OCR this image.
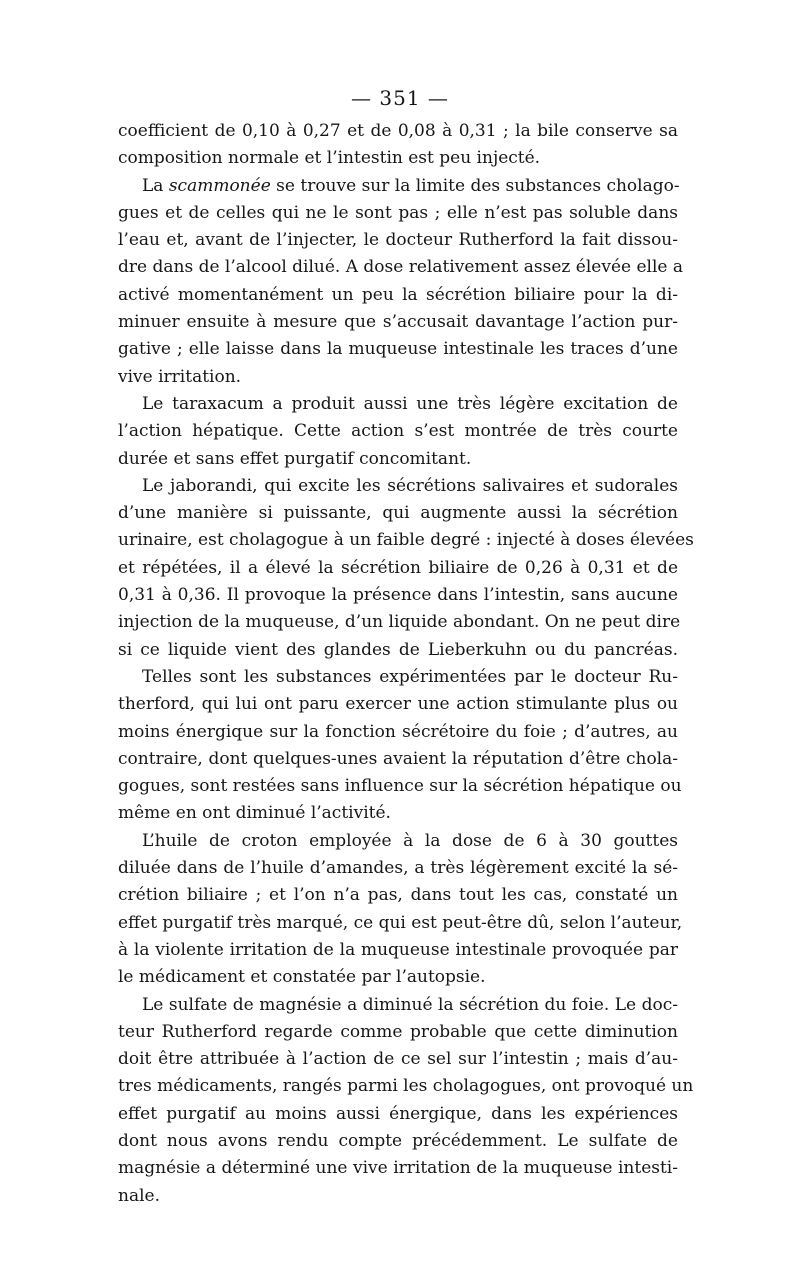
— 351 —
coefficient de 0,10 à 0,27 et de 0,08 à 0,31 ; la bile conserve sa
composition normale et l’intestin est peu injecté.
La scammonée se trouve sur la limite des substances cholago-
gues et de celles qui ne le sont pas ; elle n’est pas soluble dans
l’eau et, avant de l’injecter, le docteur Rutherford la fait dissou-
dre dans de l’alcool dilué. A dose relativement assez élevée elle a
activé momentanément un peu la sécrétion biliaire pour la di-
minuer ensuite à mesure que s’accusait davantage l’action pur-
gative ; elle laisse dans la muqueuse intestinale les traces d’une
vive irritation.
Le taraxacum a produit aussi une très légère excitation de
l’action hépatique. Cette action s’est montrée de très courte
durée et sans effet purgatif concomitant.
Le jaborandi, qui excite les sécrétions salivaires et sudorales
d’une manière si puissante, qui augmente aussi la sécrétion
urinaire, est cholagogue à un faible degré : injecté à doses élevées
et répétées, il a élevé la sécrétion biliaire de 0,26 à 0,31 et de
0,31 à 0,36. Il provoque la présence dans l’intestin, sans aucune
injection de la muqueuse, d’un liquide abondant. On ne peut dire
si ce liquide vient des glandes de Lieberkuhn ou du pancréas.
Telles sont les substances expérimentées par le docteur Ru-
therford, qui lui ont paru exercer une action stimulante plus ou
moins énergique sur la fonction sécrétoire du foie ; d’autres, au
contraire, dont quelques-unes avaient la réputation d’être chola-
gogues, sont restées sans influence sur la sécrétion hépatique ou
même en ont diminué l’activité.
L’huile de croton employée à la dose de 6 à 30 gouttes
diluée dans de l’huile d’amandes, a très légèrement excité la sé-
crétion biliaire ; et l’on n’a pas, dans tout les cas, constaté un
effet purgatif très marqué, ce qui est peut-être dû, selon l’auteur,
à la violente irritation de la muqueuse intestinale provoquée par
le médicament et constatée par l’autopsie.
Le sulfate de magnésie a diminué la sécrétion du foie. Le doc-
teur Rutherford regarde comme probable que cette diminution
doit être attribuée à l’action de ce sel sur l’intestin ; mais d’au-
tres médicaments, rangés parmi les cholagogues, ont provoqué un
effet purgatif au moins aussi énergique, dans les expériences
dont nous avons rendu compte précédemment. Le sulfate de
magnésie a déterminé une vive irritation de la muqueuse intesti-
nale.
